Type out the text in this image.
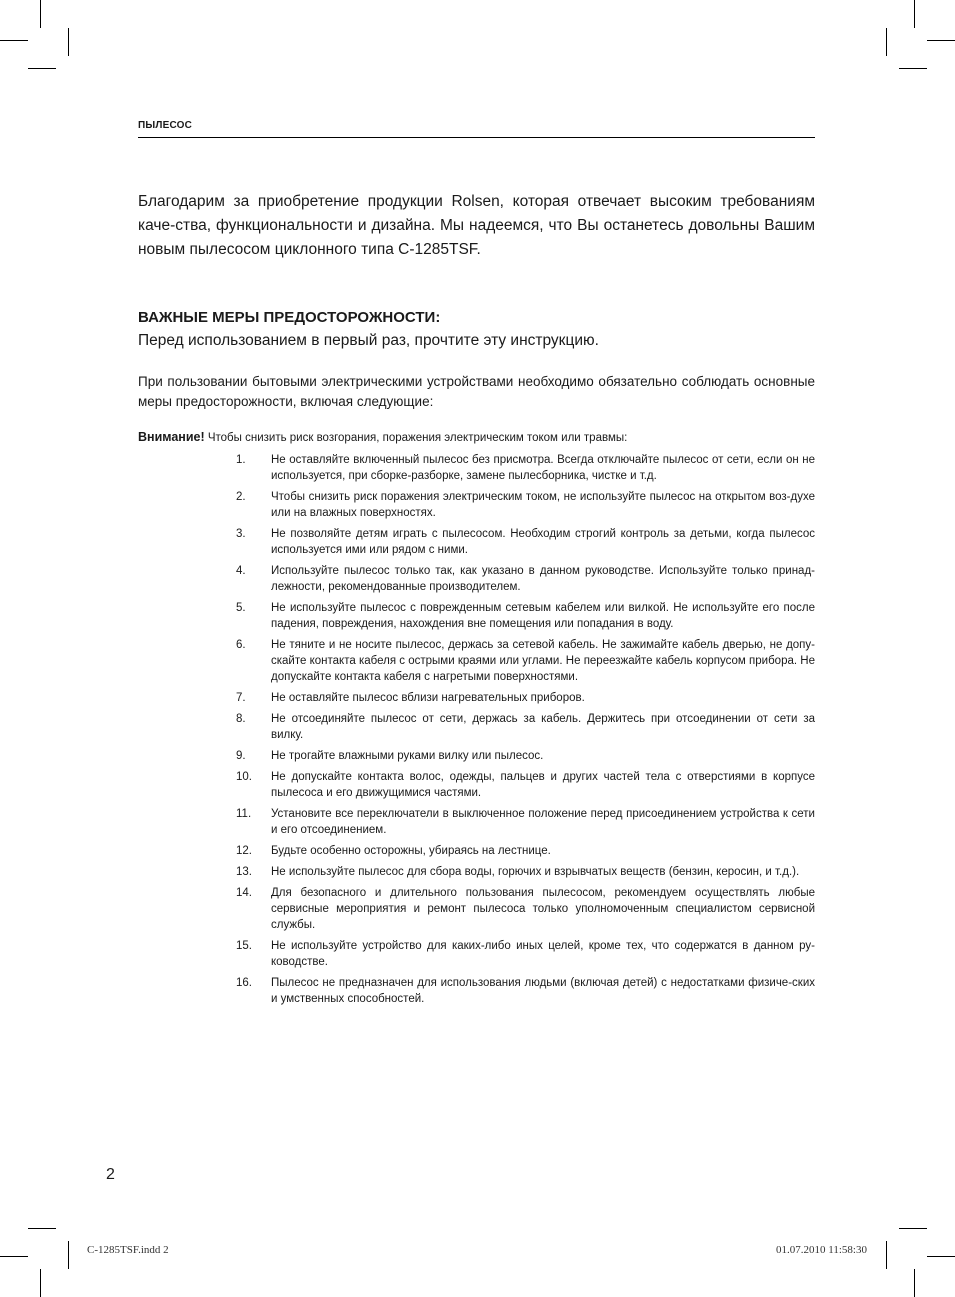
ПЫЛЕСОС
Благодарим за приобретение продукции Rolsen, которая отвечает высоким требованиям каче-ства, функциональности и дизайна. Мы надеемся, что Вы останетесь довольны Вашим новым пылесосом циклонного типа С-1285TSF.
ВАЖНЫЕ МЕРЫ ПРЕДОСТОРОЖНОСТИ:
Перед использованием в первый раз, прочтите эту инструкцию.
При пользовании бытовыми электрическими устройствами необходимо обязательно соблюдать основные меры предосторожности, включая следующие:
Внимание! Чтобы снизить риск возгорания, поражения электрическим током или травмы:
1. Не оставляйте включенный пылесос без присмотра. Всегда отключайте пылесос от сети, если он не используется, при сборке-разборке, замене пылесборника, чистке и т.д.
2. Чтобы снизить риск поражения электрическим током, не используйте пылесос на открытом воз-духе или на влажных поверхностях.
3. Не позволяйте детям играть с пылесосом. Необходим строгий контроль за детьми, когда пылесос используется ими или рядом с ними.
4. Используйте пылесос только так, как указано в данном руководстве. Используйте только принад-лежности, рекомендованные производителем.
5. Не используйте пылесос с поврежденным сетевым кабелем или вилкой. Не используйте его после падения, повреждения, нахождения вне помещения или попадания в воду.
6. Не тяните и не носите пылесос, держась за сетевой кабель. Не зажимайте кабель дверью, не допу-скайте контакта кабеля с острыми краями или углами. Не переезжайте кабель корпусом прибора. Не допускайте контакта кабеля с нагретыми поверхностями.
7. Не оставляйте пылесос вблизи нагревательных приборов.
8. Не отсоединяйте пылесос от сети, держась за кабель. Держитесь при отсоединении от сети за вилку.
9. Не трогайте влажными руками вилку или пылесос.
10. Не допускайте контакта волос, одежды, пальцев и других частей тела с отверстиями в корпусе пылесоса и его движущимися частями.
11. Установите все переключатели в выключенное положение перед присоединением устройства к сети и его отсоединением.
12. Будьте особенно осторожны, убираясь на лестнице.
13. Не используйте пылесос для сбора воды, горючих и взрывчатых веществ (бензин, керосин, и т.д.).
14. Для безопасного и длительного пользования пылесосом, рекомендуем осуществлять любые сервисные мероприятия и ремонт пылесоса только уполномоченным специалистом сервисной службы.
15. Не используйте устройство для каких-либо иных целей, кроме тех, что содержатся в данном ру-ководстве.
16. Пылесос не предназначен для использования людьми (включая детей) с недостатками физиче-ских и умственных способностей.
2
C-1285TSF.indd 2	01.07.2010 11:58:30
